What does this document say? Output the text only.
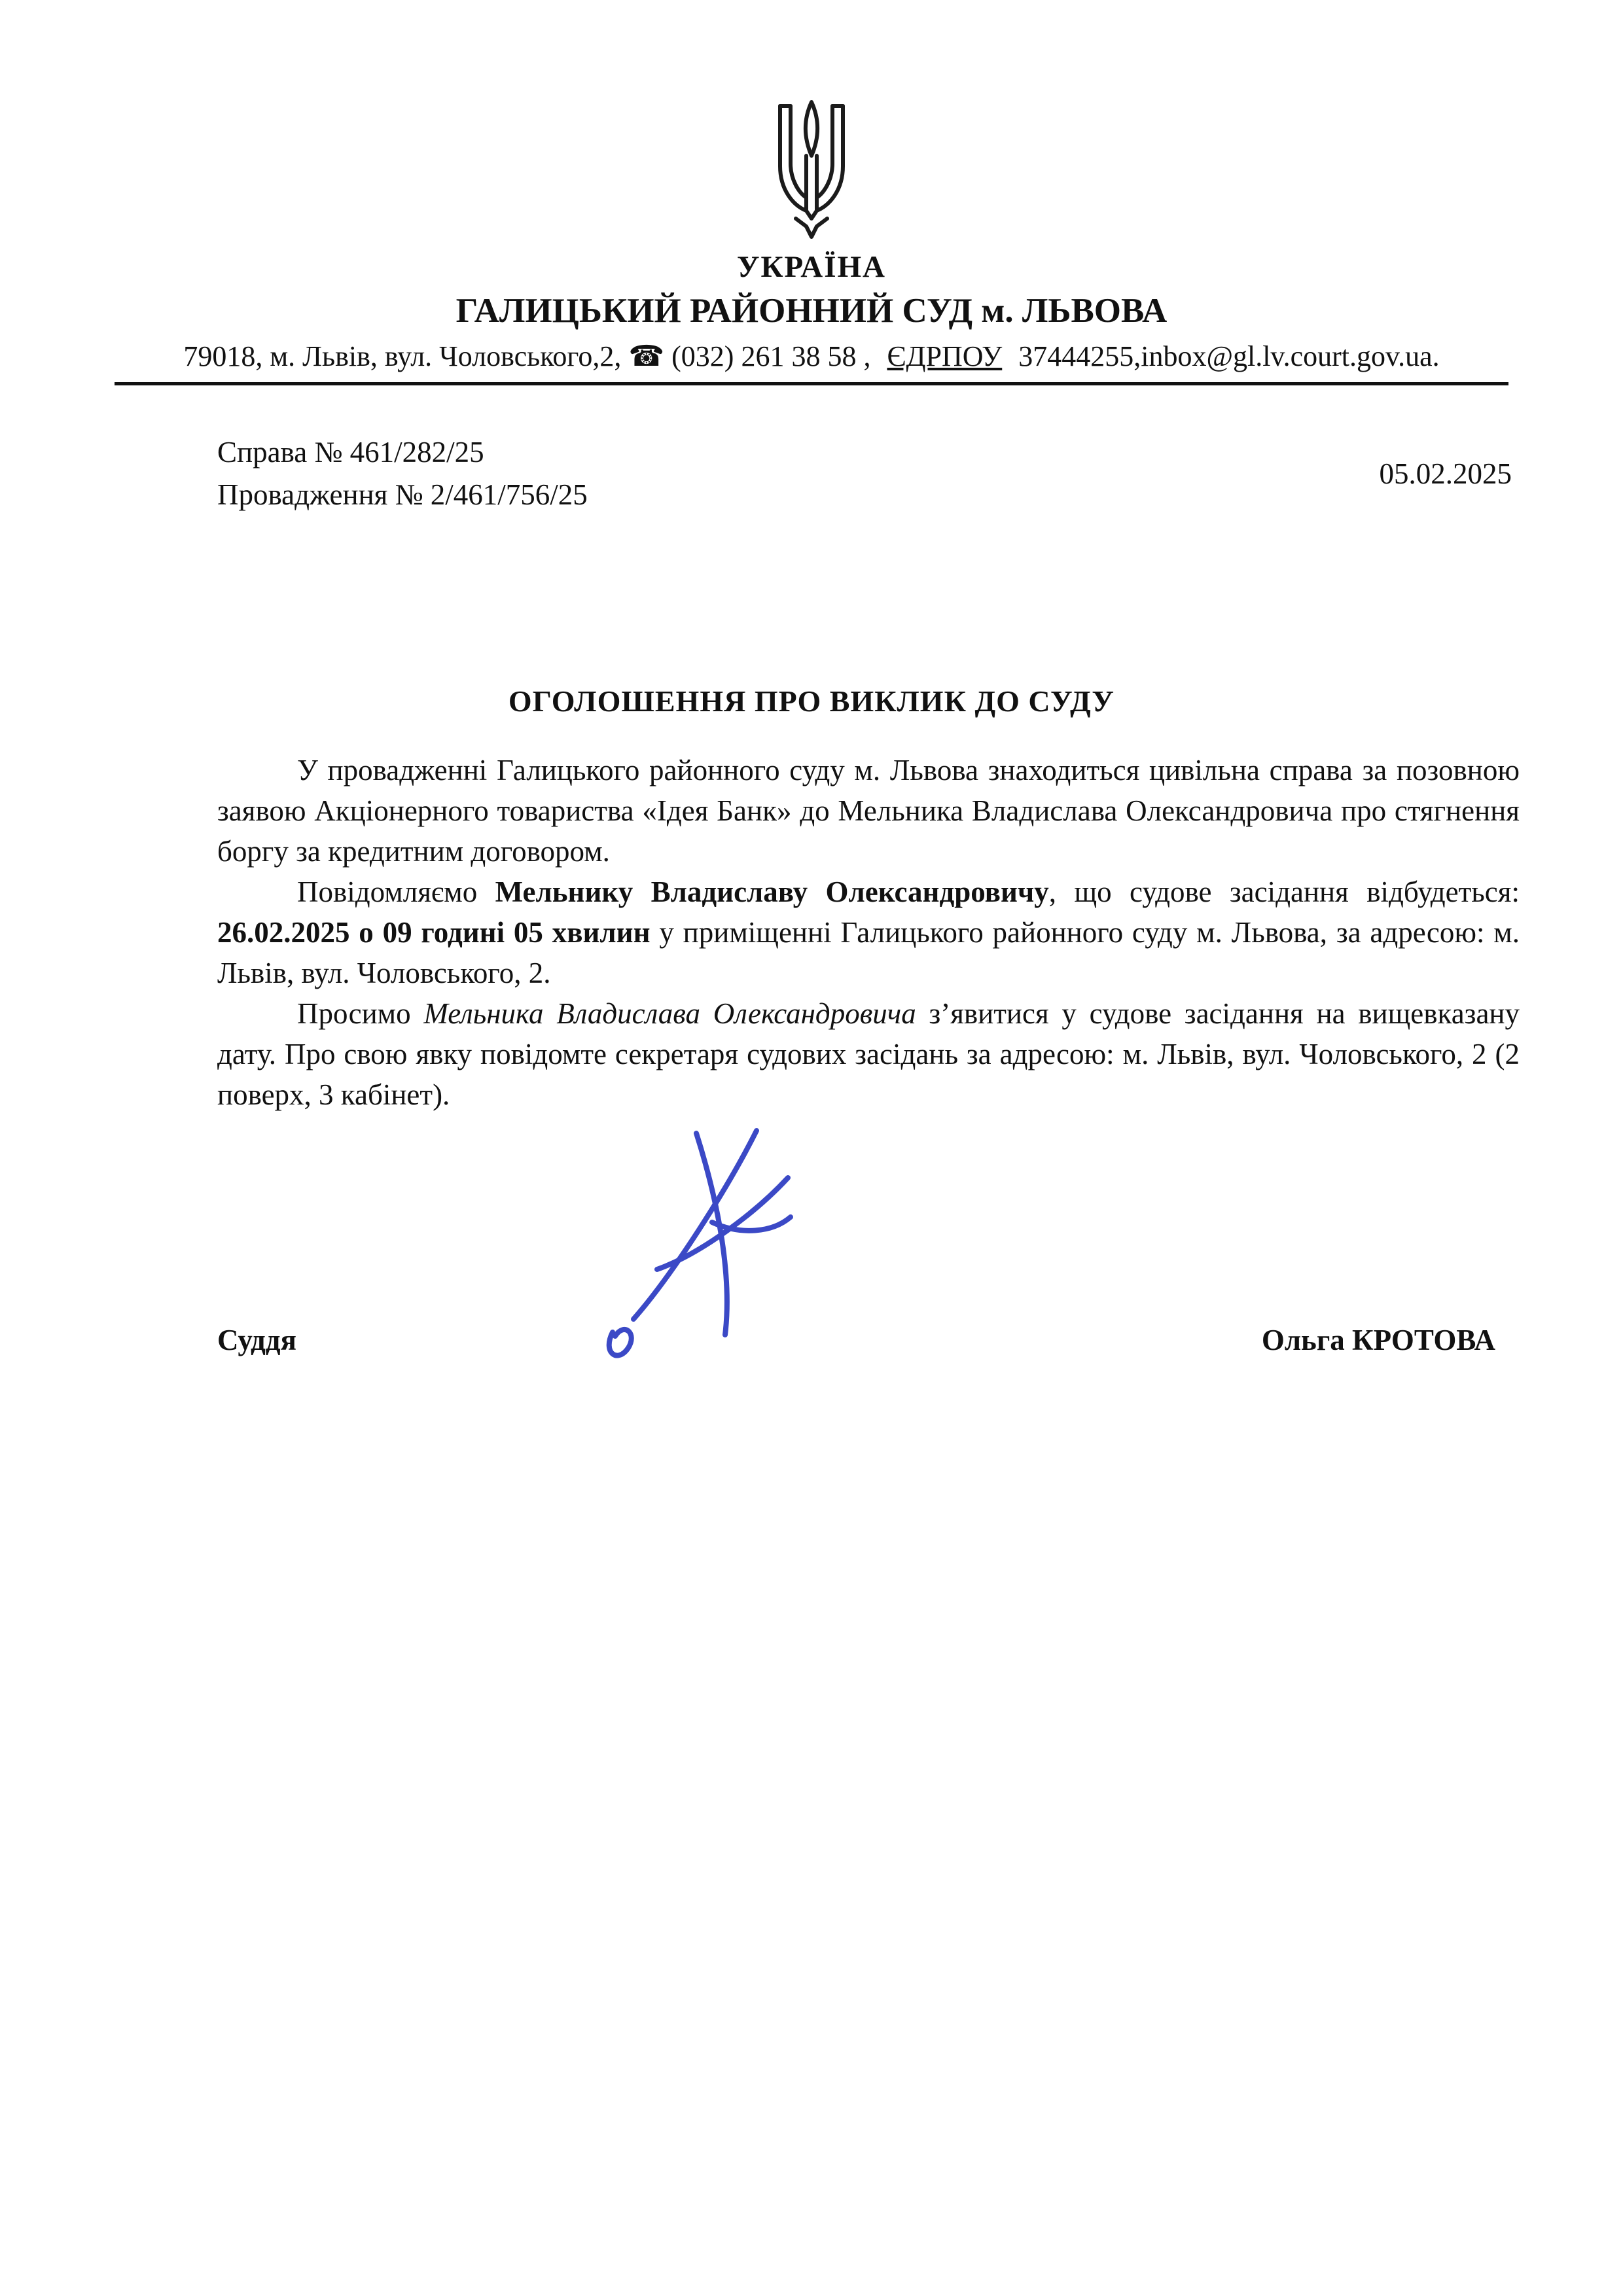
УКРАЇНА
ГАЛИЦЬКИЙ РАЙОННИЙ СУД м. ЛЬВОВА
79018, м. Львів, вул. Чоловського,2, ☎ (032) 261 38 58 , ЄДРПОУ 37444255,inbox@gl.lv.court.gov.ua.
Справа № 461/282/25
Провадження № 2/461/756/25
05.02.2025
ОГОЛОШЕННЯ ПРО ВИКЛИК ДО СУДУ

У провадженні Галицького районного суду м. Львова знаходиться цивільна справа за позовною заявою Акціонерного товариства «Ідея Банк» до Мельника Владислава Олександровича про стягнення боргу за кредитним договором.

Повідомляємо Мельнику Владиславу Олександровичу, що судове засідання відбудеться: 26.02.2025 о 09 годині 05 хвилин у приміщенні Галицького районного суду м. Львова, за адресою: м. Львів, вул. Чоловського, 2.

Просимо Мельника Владислава Олександровича з’явитися у судове засідання на вищевказану дату. Про свою явку повідомте секретаря судових засідань за адресою: м. Львів, вул. Чоловського, 2 (2 поверх, 3 кабінет).

Суддя	Ольга КРОТОВА
